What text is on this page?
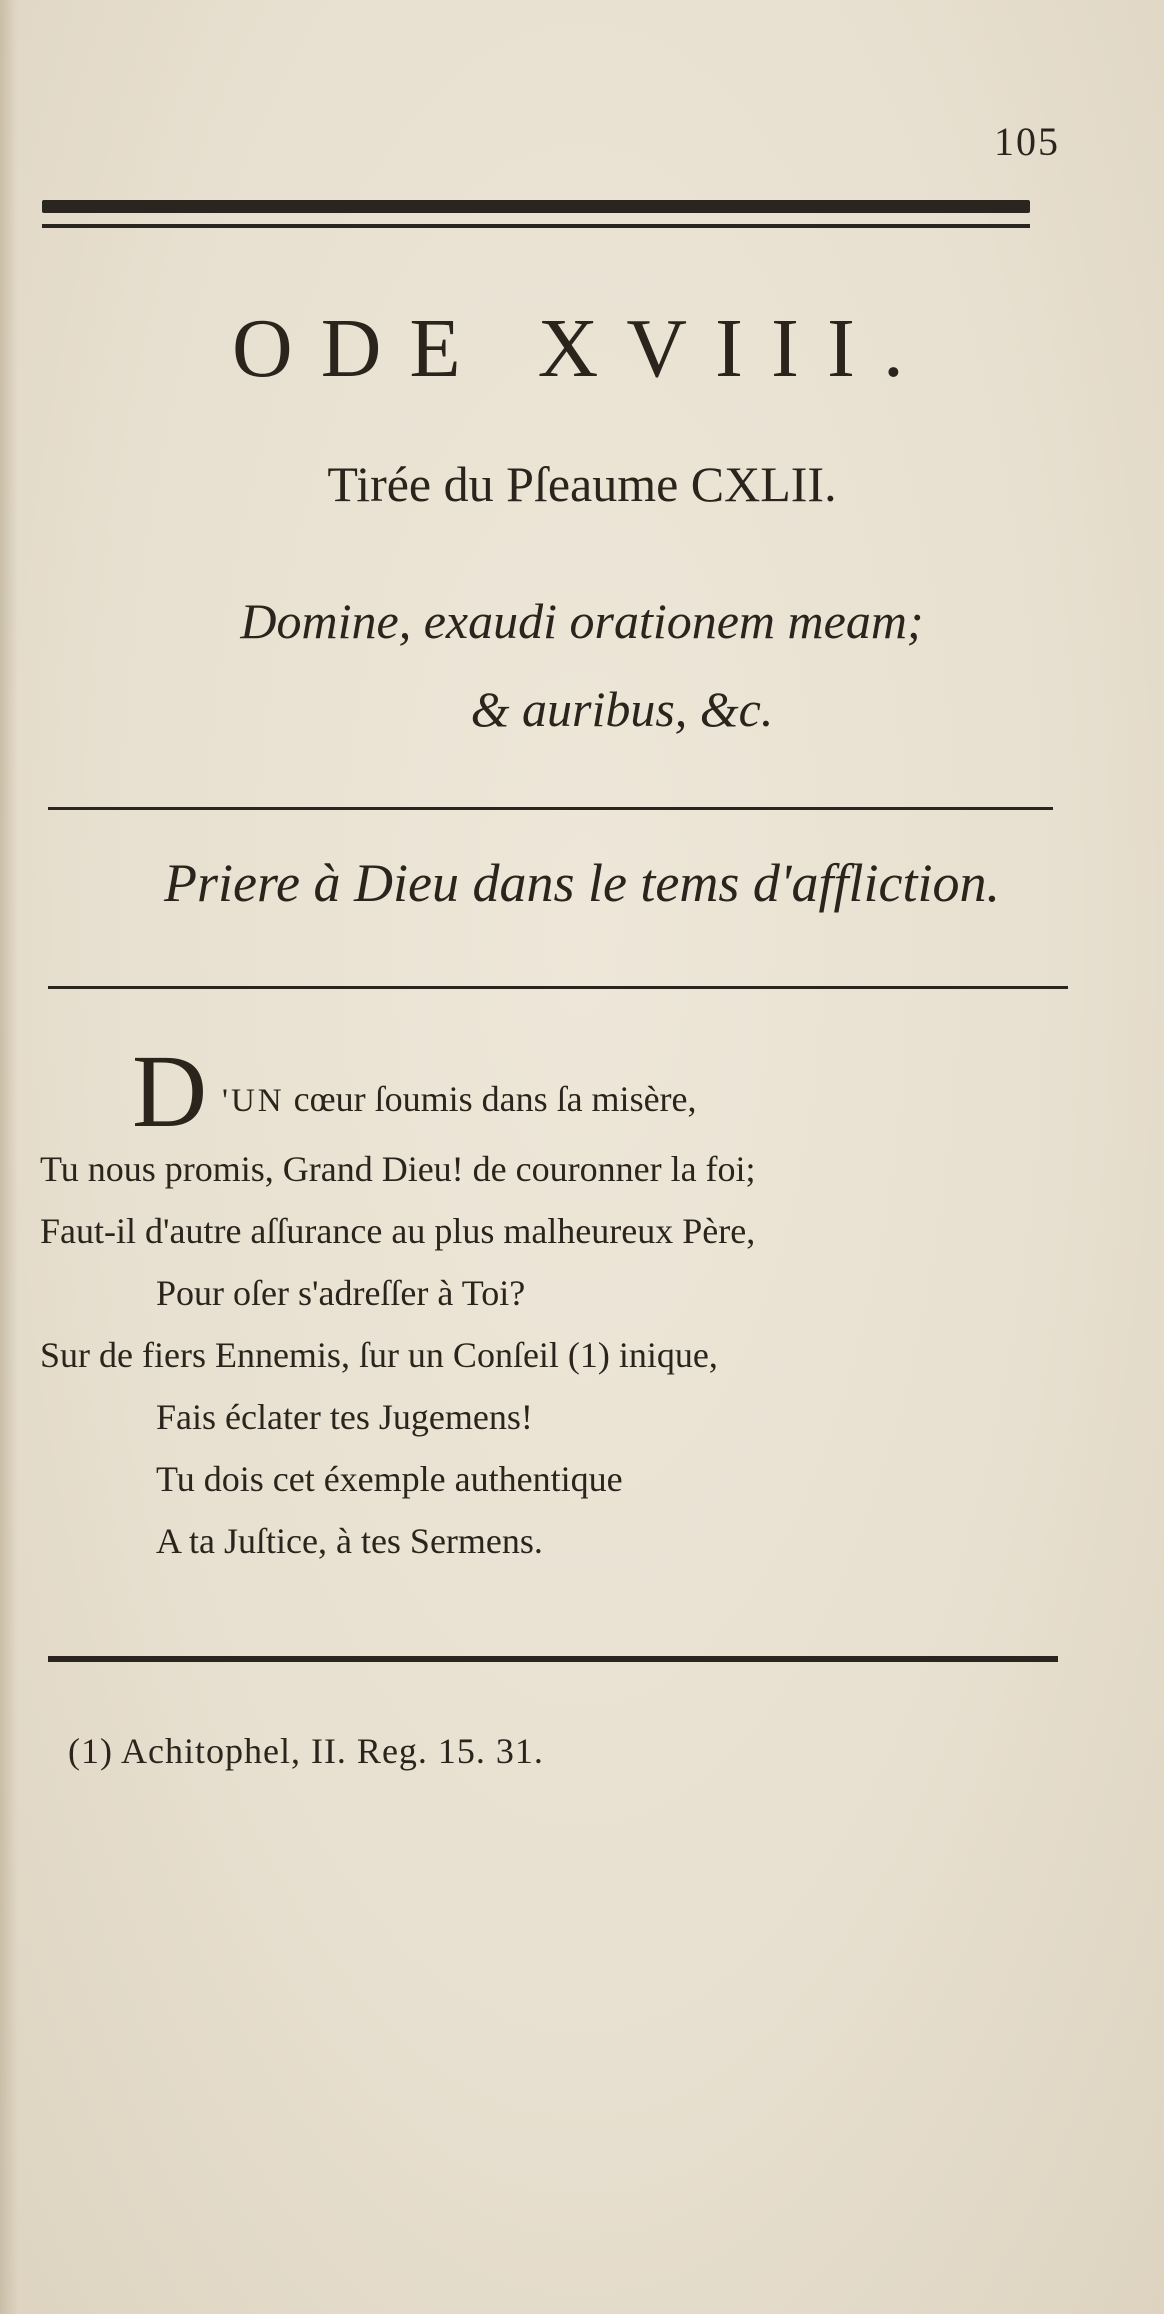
105
ODE XVIII.
Tirée du Pſeaume CXLII.
Domine, exaudi orationem meam;
& auribus, &c.
Priere à Dieu dans le tems d'affliction.
D 'UN cœur ſoumis dans ſa misère,
Tu nous promis, Grand Dieu! de couronner la foi;
Faut-il d'autre aſſurance au plus malheureux Père,
Pour oſer s'adreſſer à Toi?
Sur de fiers Ennemis, ſur un Conſeil (1) inique,
Fais éclater tes Jugemens!
Tu dois cet éxemple authentique
A ta Juſtice, à tes Sermens.
(1) Achitophel, II. Reg. 15. 31.
